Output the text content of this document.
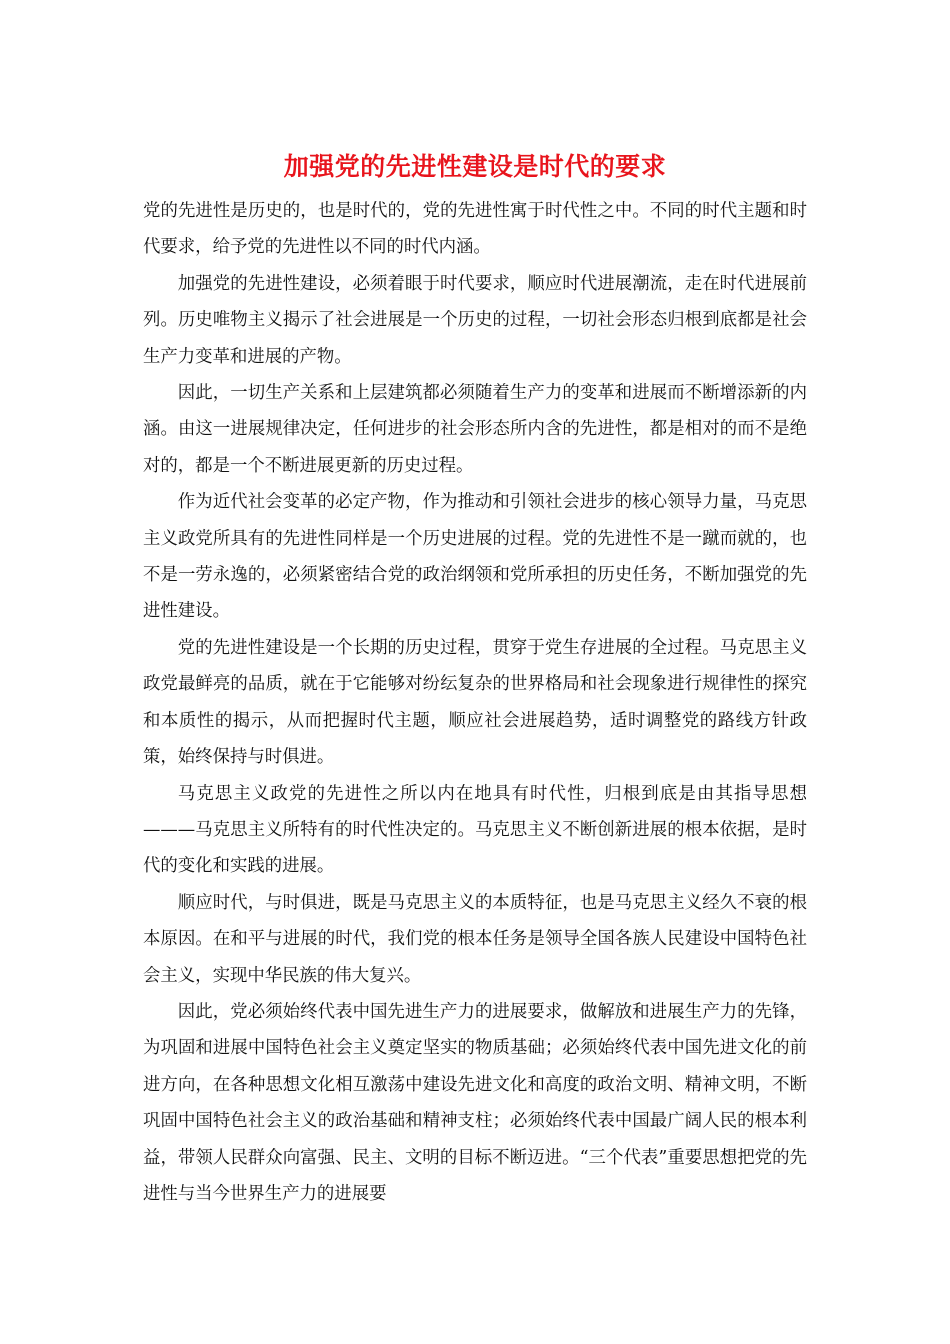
加强党的先进性建设是时代的要求

党的先进性是历史的，也是时代的，党的先进性寓于时代性之中。不同的时代主题和时代要求，给予党的先进性以不同的时代内涵。

加强党的先进性建设，必须着眼于时代要求，顺应时代进展潮流，走在时代进展前列。历史唯物主义揭示了社会进展是一个历史的过程，一切社会形态归根到底都是社会生产力变革和进展的产物。

因此，一切生产关系和上层建筑都必须随着生产力的变革和进展而不断增添新的内涵。由这一进展规律决定，任何进步的社会形态所内含的先进性，都是相对的而不是绝对的，都是一个不断进展更新的历史过程。

作为近代社会变革的必定产物，作为推动和引领社会进步的核心领导力量，马克思主义政党所具有的先进性同样是一个历史进展的过程。党的先进性不是一蹴而就的，也不是一劳永逸的，必须紧密结合党的政治纲领和党所承担的历史任务，不断加强党的先进性建设。

党的先进性建设是一个长期的历史过程，贯穿于党生存进展的全过程。马克思主义政党最鲜亮的品质，就在于它能够对纷纭复杂的世界格局和社会现象进行规律性的探究和本质性的揭示，从而把握时代主题，顺应社会进展趋势，适时调整党的路线方针政策，始终保持与时俱进。

马克思主义政党的先进性之所以内在地具有时代性，归根到底是由其指导思想———马克思主义所特有的时代性决定的。马克思主义不断创新进展的根本依据，是时代的变化和实践的进展。

顺应时代，与时俱进，既是马克思主义的本质特征，也是马克思主义经久不衰的根本原因。在和平与进展的时代，我们党的根本任务是领导全国各族人民建设中国特色社会主义，实现中华民族的伟大复兴。

因此，党必须始终代表中国先进生产力的进展要求，做解放和进展生产力的先锋，为巩固和进展中国特色社会主义奠定坚实的物质基础；必须始终代表中国先进文化的前进方向，在各种思想文化相互激荡中建设先进文化和高度的政治文明、精神文明，不断巩固中国特色社会主义的政治基础和精神支柱；必须始终代表中国最广阔人民的根本利益，带领人民群众向富强、民主、文明的目标不断迈进。“三个代表”重要思想把党的先进性与当今世界生产力的进展要
